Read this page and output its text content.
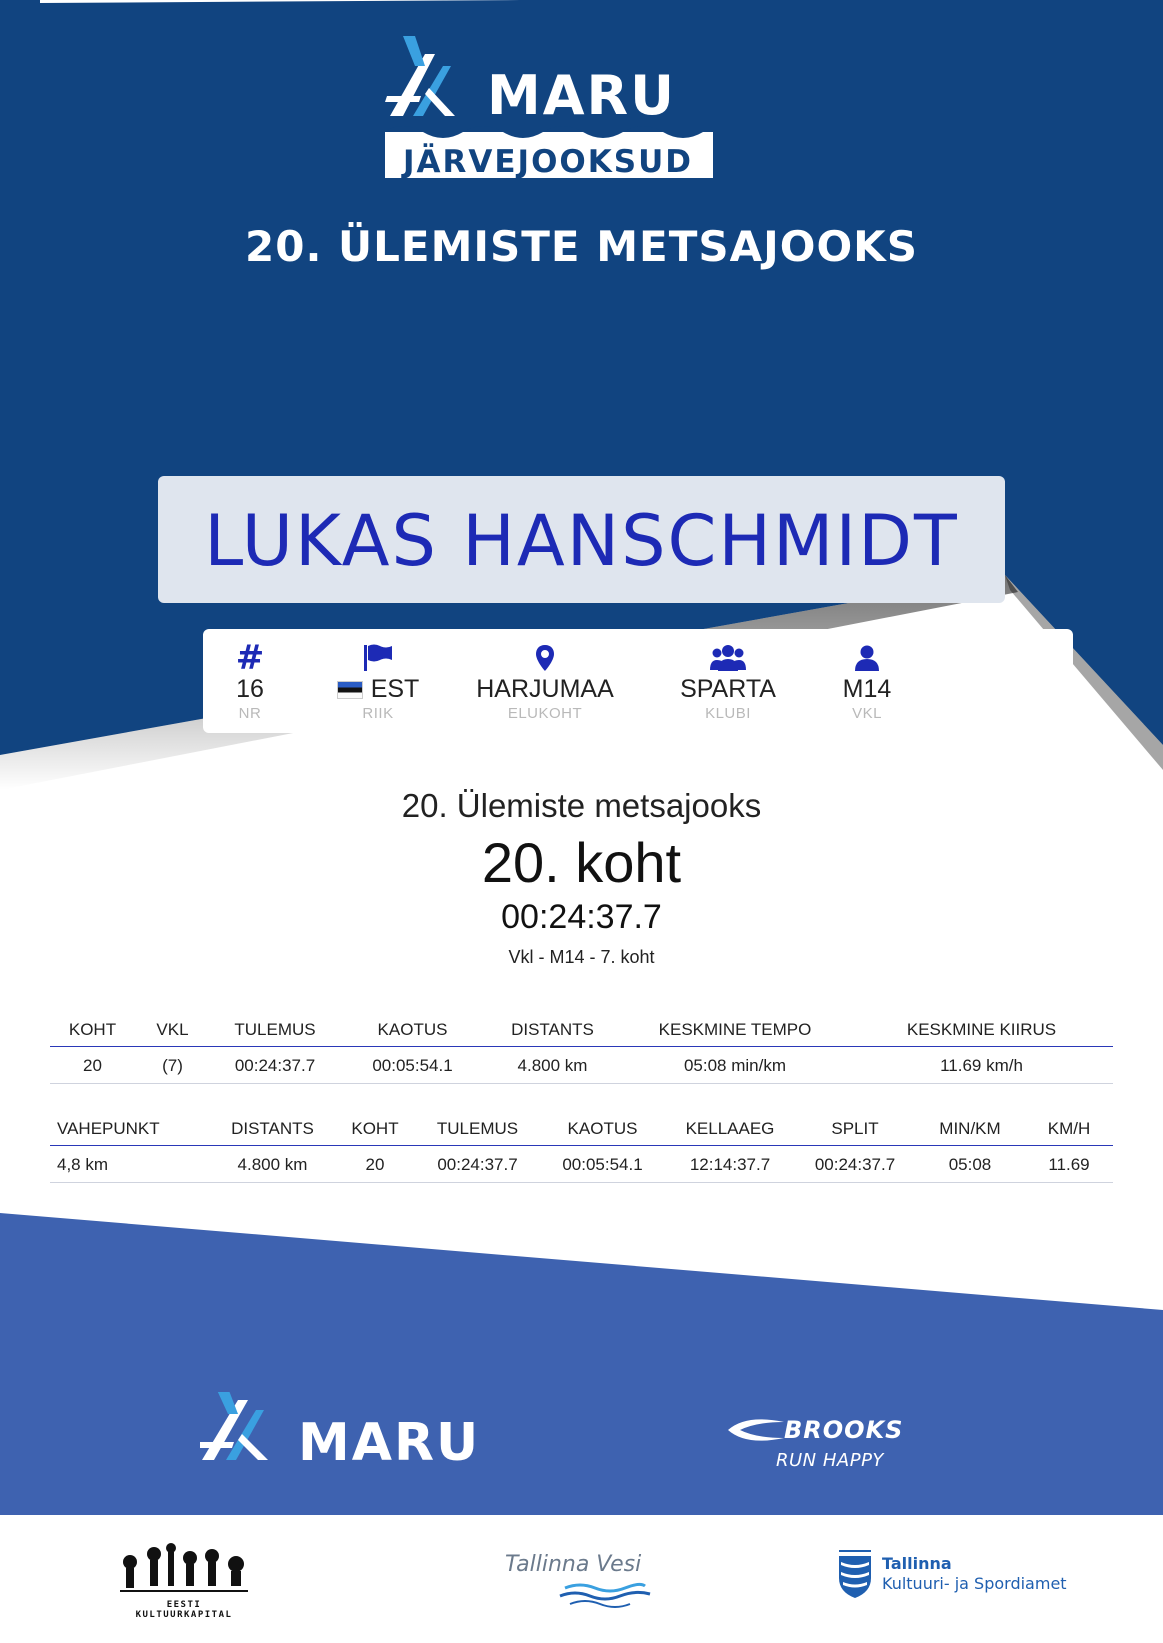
MARU
JÄRVEJOOKSUD
20. ÜLEMISTE METSAJOOKS
LUKAS HANSCHMIDT
#
16
NR
EST
RIIK
HARJUMAA
ELUKOHT
SPARTA
KLUBI
M14
VKL
20. Ülemiste metsajooks
20. koht
00:24:37.7
Vkl - M14 - 7. koht
KOHT	VKL	TULEMUS	KAOTUS	DISTANTS	KESKMINE TEMPO	KESKMINE KIIRUS
20	(7)	00:24:37.7	00:05:54.1	4.800 km	05:08 min/km	11.69 km/h
VAHEPUNKT	DISTANTS	KOHT	TULEMUS	KAOTUS	KELLAAEG	SPLIT	MIN/KM	KM/H
4,8 km	4.800 km	20	00:24:37.7	00:05:54.1	12:14:37.7	00:24:37.7	05:08	11.69
MARU	BROOKS
RUN HAPPY
EESTI KULTUURKAPITAL
Tallinna Vesi	Tallinna
Kultuuri- ja Spordiamet
